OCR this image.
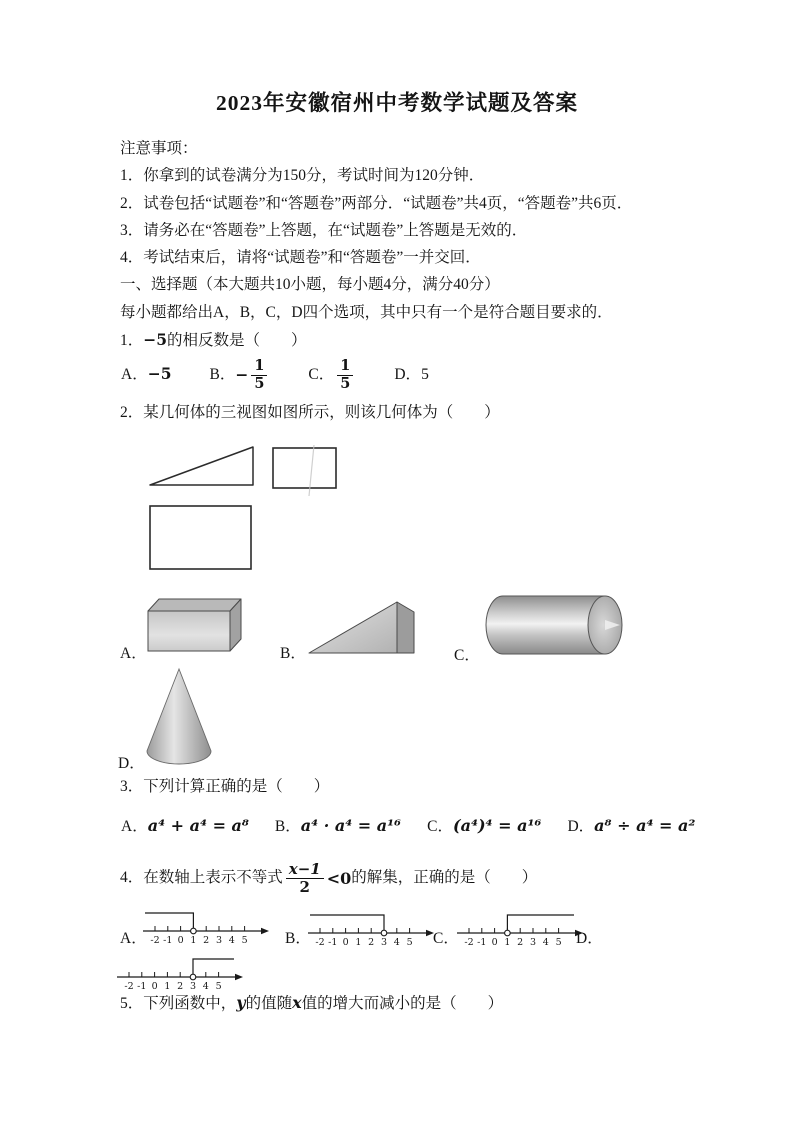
2023年安徽宿州中考数学试题及答案
注意事项：
1．你拿到的试卷满分为150分，考试时间为120分钟．
2．试卷包括“试题卷”和“答题卷”两部分．“试题卷”共4页，“答题卷”共6页．
3．请务必在“答题卷”上答题，在“试题卷”上答题是无效的．
4．考试结束后，请将“试题卷”和“答题卷”一并交回．
一、选择题（本大题共10小题，每小题4分，满分40分）
每小题都给出A，B，C，D四个选项，其中只有一个是符合题目要求的．
1．−5的相反数是（　　）
A．−5 B． − $\frac{1}{5}$	C． $\frac{1}{5}$	D．5
2．某几何体的三视图如图所示，则该几何体为（　　）
A．	B．	C．
D．
3．下列计算正确的是（　　）
A．a⁴ + a⁴ = a⁸ B．a⁴ · a⁴ = a¹⁶ C．(a⁴)⁴ = a¹⁶ D．a⁸ ÷ a⁴ = a²
4．在数轴上表示不等式 $\frac{x-1}{2} <0$ 的解集，正确的是（　　）
A． -2 -1 0 1 2 3 4 5 B． -2 -1 0 1 2 3 4 5 C． -2 -1 0 1 2 3 4 5 D．
-2 -1 0 1 2 3 4 5
5．下列函数中，y的值随x值的增大而减小的是（　　）
